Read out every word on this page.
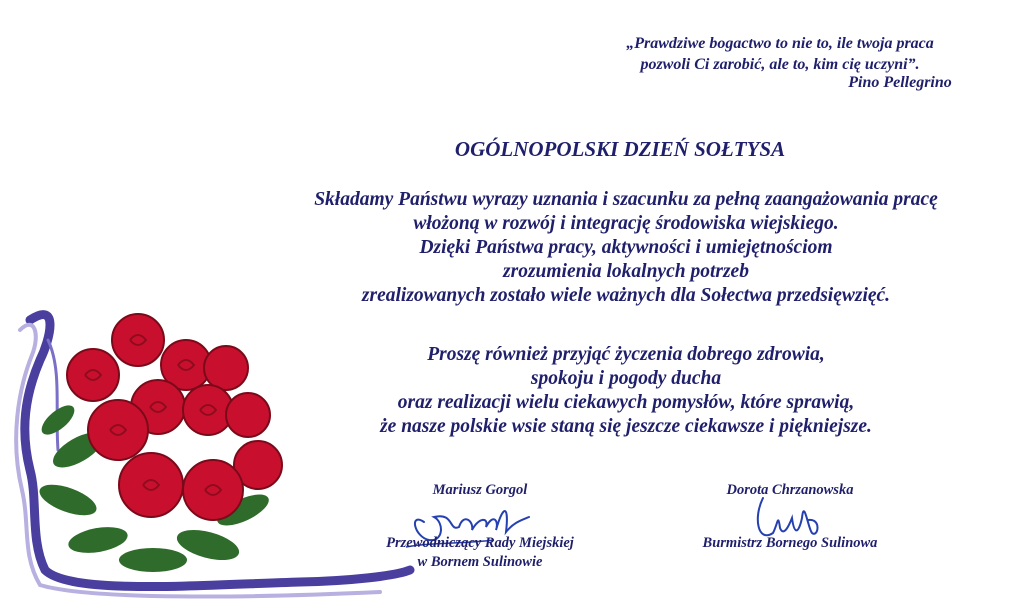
„Prawdziwe bogactwo to nie to, ile twoja praca
pozwoli Ci zarobić, ale to, kim cię uczyni”.
Pino Pellegrino
OGÓLNOPOLSKI DZIEŃ SOŁTYSA
Składamy Państwu wyrazy uznania i szacunku za pełną zaangażowania pracę
włożoną w rozwój i integrację środowiska wiejskiego.
Dzięki Państwa pracy, aktywności i umiejętnościom
zrozumienia lokalnych potrzeb
zrealizowanych zostało wiele ważnych dla Sołectwa przedsięwzięć.
Proszę również przyjąć życzenia dobrego zdrowia,
spokoju i pogody ducha
oraz realizacji wielu ciekawych pomysłów, które sprawią,
że nasze polskie wsie staną się jeszcze ciekawsze i piękniejsze.
Mariusz Gorgol
Przewodniczący Rady Miejskiej
w Bornem Sulinowie
Dorota Chrzanowska
Burmistrz Bornego Sulinowa
